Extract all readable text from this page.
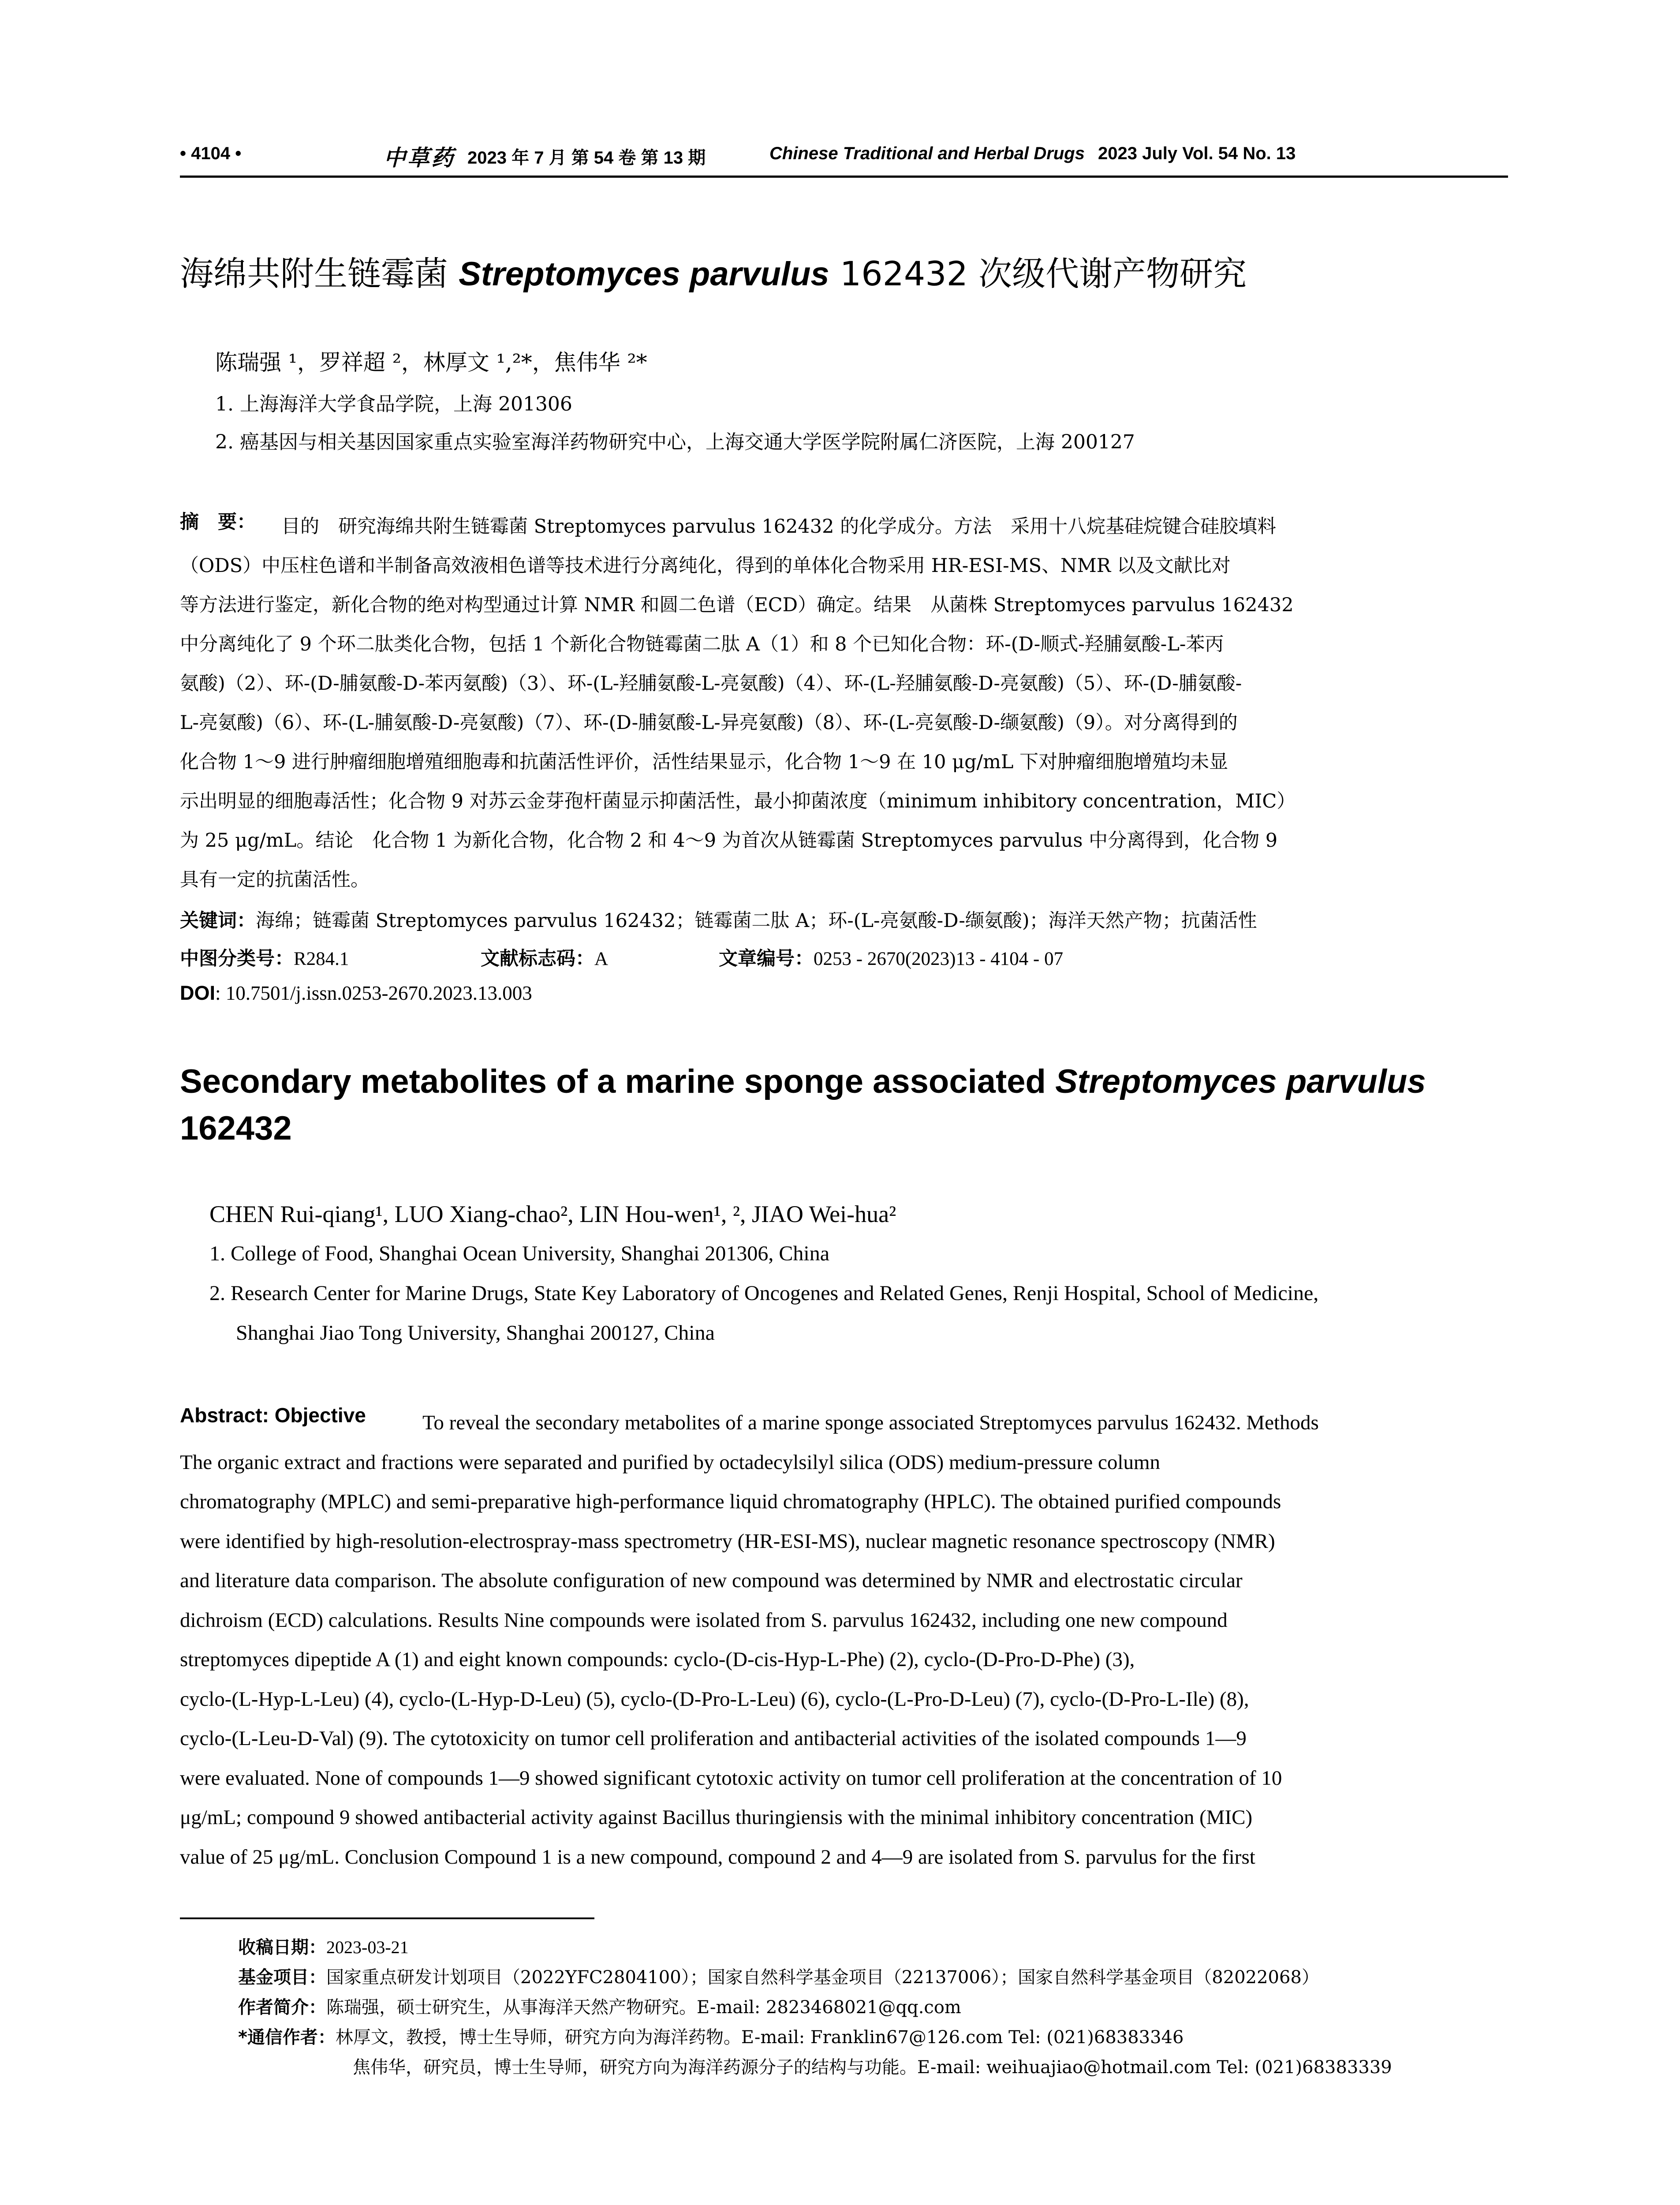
• 4104 •	中草药 2023 年 7 月 第 54 卷 第 13 期	Chinese Traditional and Herbal Drugs 2023 July Vol. 54 No. 13
海绵共附生链霉菌 Streptomyces parvulus 162432 次级代谢产物研究
陈瑞强 ¹，罗祥超 ²，林厚文 ¹,²*，焦伟华 ²*
1. 上海海洋大学食品学院，上海 201306
2. 癌基因与相关基因国家重点实验室海洋药物研究中心，上海交通大学医学院附属仁济医院，上海 200127
摘　要：	目的　研究海绵共附生链霉菌 Streptomyces parvulus 162432 的化学成分。方法　采用十八烷基硅烷键合硅胶填料
（ODS）中压柱色谱和半制备高效液相色谱等技术进行分离纯化，得到的单体化合物采用 HR-ESI-MS、NMR 以及文献比对
等方法进行鉴定，新化合物的绝对构型通过计算 NMR 和圆二色谱（ECD）确定。结果　从菌株 Streptomyces parvulus 162432
中分离纯化了 9 个环二肽类化合物，包括 1 个新化合物链霉菌二肽 A（1）和 8 个已知化合物：环-(D-顺式-羟脯氨酸-L-苯丙
氨酸)（2）、环-(D-脯氨酸-D-苯丙氨酸)（3）、环-(L-羟脯氨酸-L-亮氨酸)（4）、环-(L-羟脯氨酸-D-亮氨酸)（5）、环-(D-脯氨酸-
L-亮氨酸)（6）、环-(L-脯氨酸-D-亮氨酸)（7）、环-(D-脯氨酸-L-异亮氨酸)（8）、环-(L-亮氨酸-D-缬氨酸)（9）。对分离得到的
化合物 1～9 进行肿瘤细胞增殖细胞毒和抗菌活性评价，活性结果显示，化合物 1～9 在 10 μg/mL 下对肿瘤细胞增殖均未显
示出明显的细胞毒活性；化合物 9 对苏云金芽孢杆菌显示抑菌活性，最小抑菌浓度（minimum inhibitory concentration，MIC）
为 25 μg/mL。结论　化合物 1 为新化合物，化合物 2 和 4～9 为首次从链霉菌 Streptomyces parvulus 中分离得到，化合物 9
具有一定的抗菌活性。
关键词：海绵；链霉菌 Streptomyces parvulus 162432；链霉菌二肽 A；环-(L-亮氨酸-D-缬氨酸)；海洋天然产物；抗菌活性
中图分类号：R284.1	文献标志码：A	文章编号：0253 - 2670(2023)13 - 4104 - 07
DOI: 10.7501/j.issn.0253-2670.2023.13.003
Secondary metabolites of a marine sponge associated Streptomyces parvulus
162432
CHEN Rui-qiang¹, LUO Xiang-chao², LIN Hou-wen¹, ², JIAO Wei-hua²
1. College of Food, Shanghai Ocean University, Shanghai 201306, China
2. Research Center for Marine Drugs, State Key Laboratory of Oncogenes and Related Genes, Renji Hospital, School of Medicine,
Shanghai Jiao Tong University, Shanghai 200127, China
Abstract: Objective	To reveal the secondary metabolites of a marine sponge associated Streptomyces parvulus 162432. Methods
The organic extract and fractions were separated and purified by octadecylsilyl silica (ODS) medium-pressure column
chromatography (MPLC) and semi-preparative high-performance liquid chromatography (HPLC). The obtained purified compounds
were identified by high-resolution-electrospray-mass spectrometry (HR-ESI-MS), nuclear magnetic resonance spectroscopy (NMR)
and literature data comparison. The absolute configuration of new compound was determined by NMR and electrostatic circular
dichroism (ECD) calculations. Results Nine compounds were isolated from S. parvulus 162432, including one new compound
streptomyces dipeptide A (1) and eight known compounds: cyclo-(D-cis-Hyp-L-Phe) (2), cyclo-(D-Pro-D-Phe) (3),
cyclo-(L-Hyp-L-Leu) (4), cyclo-(L-Hyp-D-Leu) (5), cyclo-(D-Pro-L-Leu) (6), cyclo-(L-Pro-D-Leu) (7), cyclo-(D-Pro-L-Ile) (8),
cyclo-(L-Leu-D-Val) (9). The cytotoxicity on tumor cell proliferation and antibacterial activities of the isolated compounds 1—9
were evaluated. None of compounds 1—9 showed significant cytotoxic activity on tumor cell proliferation at the concentration of 10
μg/mL; compound 9 showed antibacterial activity against Bacillus thuringiensis with the minimal inhibitory concentration (MIC)
value of 25 μg/mL. Conclusion Compound 1 is a new compound, compound 2 and 4—9 are isolated from S. parvulus for the first
收稿日期：2023-03-21
基金项目：国家重点研发计划项目（2022YFC2804100）；国家自然科学基金项目（22137006）；国家自然科学基金项目（82022068）
作者简介：陈瑞强，硕士研究生，从事海洋天然产物研究。E-mail: 2823468021@qq.com
*通信作者：林厚文，教授，博士生导师，研究方向为海洋药物。E-mail: Franklin67@126.com Tel: (021)68383346
焦伟华，研究员，博士生导师，研究方向为海洋药源分子的结构与功能。E-mail: weihuajiao@hotmail.com Tel: (021)68383339
